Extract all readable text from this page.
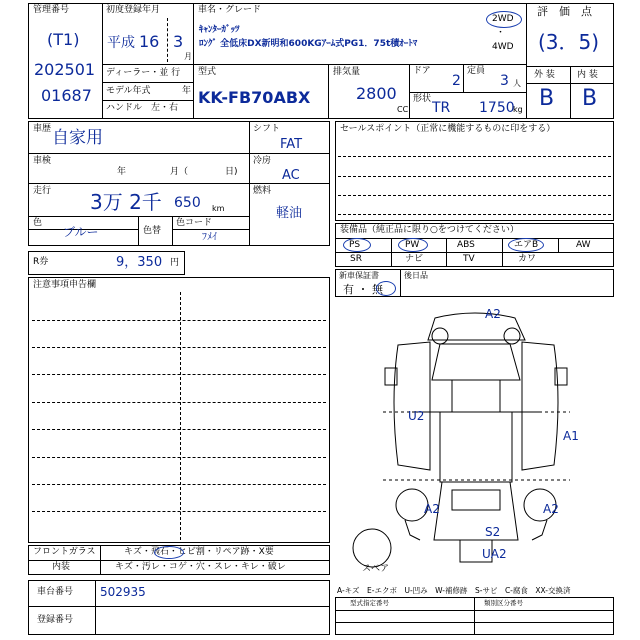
管理番号
(T1)
202501
01687
初度登録年月
平成 16 3
月
ディーラー・並 行
モデル年式	年
ハンドル　左・右
車名・グレード
ｷｬﾝﾀｰｶﾞｯﾂ
ﾛﾝｸﾞ 全低床DX新明和600KGｱｰﾑ式PG1．75t積ｵｰﾄﾏ
2WD
・
4WD
型式
KK-FB70ABX
排気量
2800
CC
ドア
2
定員
3 人
形状
TR 1750
kg
評　価　点
(3．5)
外 装 内 装
B B
車歴 自家用
車検
年	月（	日)
走行 3万 2千 650 km
色
ブルー	色替
色コード
ﾌﾒｲ
シフト
FAT
冷房
AC
燃料
軽油
R券	9，350 円
注意事項申告欄
セールスポイント（正常に機能するものに印をする）
装備品（純正品に限り○をつけてください）
PS	PW	ABS	エアB	AW
SR	ナビ	TV	カワ
新車保証書
有 ・ 無
後日品
A2
U2
A1
A2	A2
S2
UA2
スペア
A-キズ　E-エクボ　U-凹み　W-補修跡　S-サビ　C-腐食　XX-交換済
フロントガラス	キズ・飛石・ヒビ割・リペア跡・X要
内装	キズ・汚レ・コゲ・穴・スレ・キレ・破レ
車台番号 502935
登録番号
型式指定番号	類別区分番号
